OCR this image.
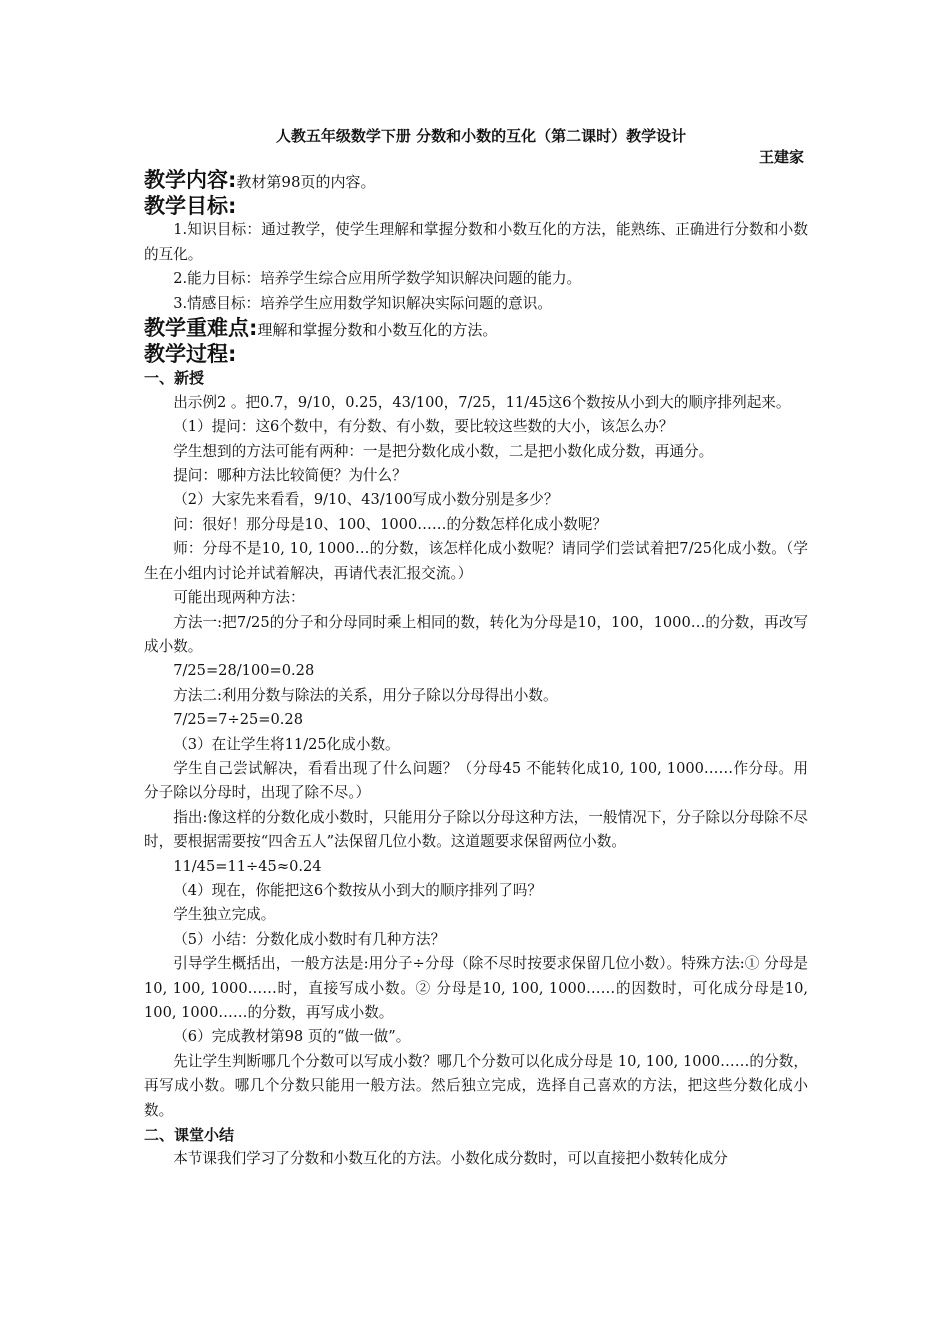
人教五年级数学下册 分数和小数的互化（第二课时）教学设计

王建家

教学内容:教材第98页的内容。

教学目标:

1.知识目标：通过教学，使学生理解和掌握分数和小数互化的方法，能熟练、正确进行分数和小数的互化。

2.能力目标：培养学生综合应用所学数学知识解决问题的能力。

3.情感目标：培养学生应用数学知识解决实际问题的意识。

教学重难点:理解和掌握分数和小数互化的方法。

教学过程:

一、新授

出示例2 。把0.7，9/10，0.25，43/100，7/25，11/45这6个数按从小到大的顺序排列起来。

（1）提问：这6个数中，有分数、有小数，要比较这些数的大小，该怎么办？

学生想到的方法可能有两种：一是把分数化成小数，二是把小数化成分数，再通分。

提问：哪种方法比较简便？为什么？

（2）大家先来看看，9/10、43/100写成小数分别是多少？

问：很好！那分母是10、100、1000……的分数怎样化成小数呢？

师：分母不是10, 10, 1000…的分数，该怎样化成小数呢？请同学们尝试着把7/25化成小数。（学生在小组内讨论并试着解决，再请代表汇报交流。）

可能出现两种方法：

方法一:把7/25的分子和分母同时乘上相同的数，转化为分母是10，100，1000…的分数，再改写成小数。

7/25=28/100=0.28

方法二:利用分数与除法的关系，用分子除以分母得出小数。

7/25=7÷25=0.28

（3）在让学生将11/25化成小数。

学生自己尝试解决，看看出现了什么问题？（分母45 不能转化成10, 100, 1000……作分母。用分子除以分母时，出现了除不尽。）

指出:像这样的分数化成小数时，只能用分子除以分母这种方法，一般情况下，分子除以分母除不尽时，要根据需要按“四舍五人”法保留几位小数。这道题要求保留两位小数。

11/45=11÷45≈0.24

（4）现在，你能把这6个数按从小到大的顺序排列了吗？

学生独立完成。

（5）小结：分数化成小数时有几种方法？

引导学生概括出，一般方法是:用分子÷分母（除不尽时按要求保留几位小数）。特殊方法:① 分母是10, 100, 1000……时，直接写成小数。② 分母是10, 100, 1000……的因数时，可化成分母是10, 100, 1000……的分数，再写成小数。

（6）完成教材第98 页的“做一做”。

先让学生判断哪几个分数可以写成小数？哪几个分数可以化成分母是 10, 100, 1000……的分数，再写成小数。哪几个分数只能用一般方法。然后独立完成，选择自己喜欢的方法，把这些分数化成小数。

二、课堂小结

本节课我们学习了分数和小数互化的方法。小数化成分数时，可以直接把小数转化成分
